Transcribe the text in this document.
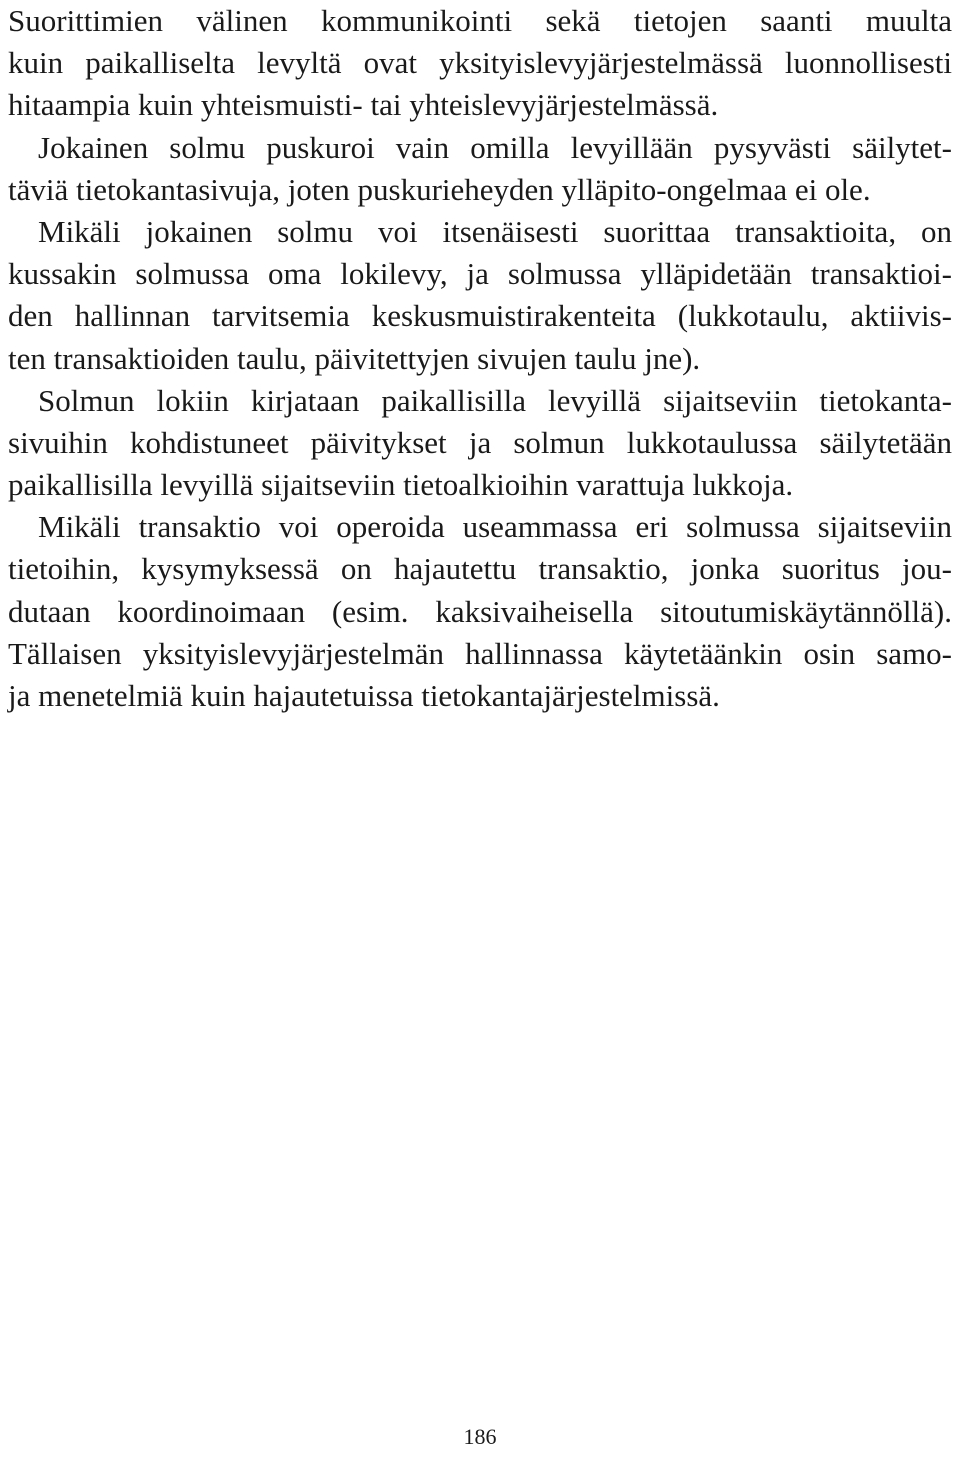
Suorittimien välinen kommunikointi sekä tietojen saanti muulta
kuin paikalliselta levyltä ovat yksityislevyjärjestelmässä luonnollisesti
hitaampia kuin yhteismuisti- tai yhteislevyjärjestelmässä.
Jokainen solmu puskuroi vain omilla levyillään pysyvästi säilytet-
täviä tietokantasivuja, joten puskurieheyden ylläpito-ongelmaa ei ole.
Mikäli jokainen solmu voi itsenäisesti suorittaa transaktioita, on
kussakin solmussa oma lokilevy, ja solmussa ylläpidetään transaktioi-
den hallinnan tarvitsemia keskusmuistirakenteita (lukkotaulu, aktiivis-
ten transaktioiden taulu, päivitettyjen sivujen taulu jne).
Solmun lokiin kirjataan paikallisilla levyillä sijaitseviin tietokanta-
sivuihin kohdistuneet päivitykset ja solmun lukkotaulussa säilytetään
paikallisilla levyillä sijaitseviin tietoalkioihin varattuja lukkoja.
Mikäli transaktio voi operoida useammassa eri solmussa sijaitseviin
tietoihin, kysymyksessä on hajautettu transaktio, jonka suoritus jou-
dutaan koordinoimaan (esim. kaksivaiheisella sitoutumiskäytännöllä).
Tällaisen yksityislevyjärjestelmän hallinnassa käytetäänkin osin samo-
ja menetelmiä kuin hajautetuissa tietokantajärjestelmissä.
186
